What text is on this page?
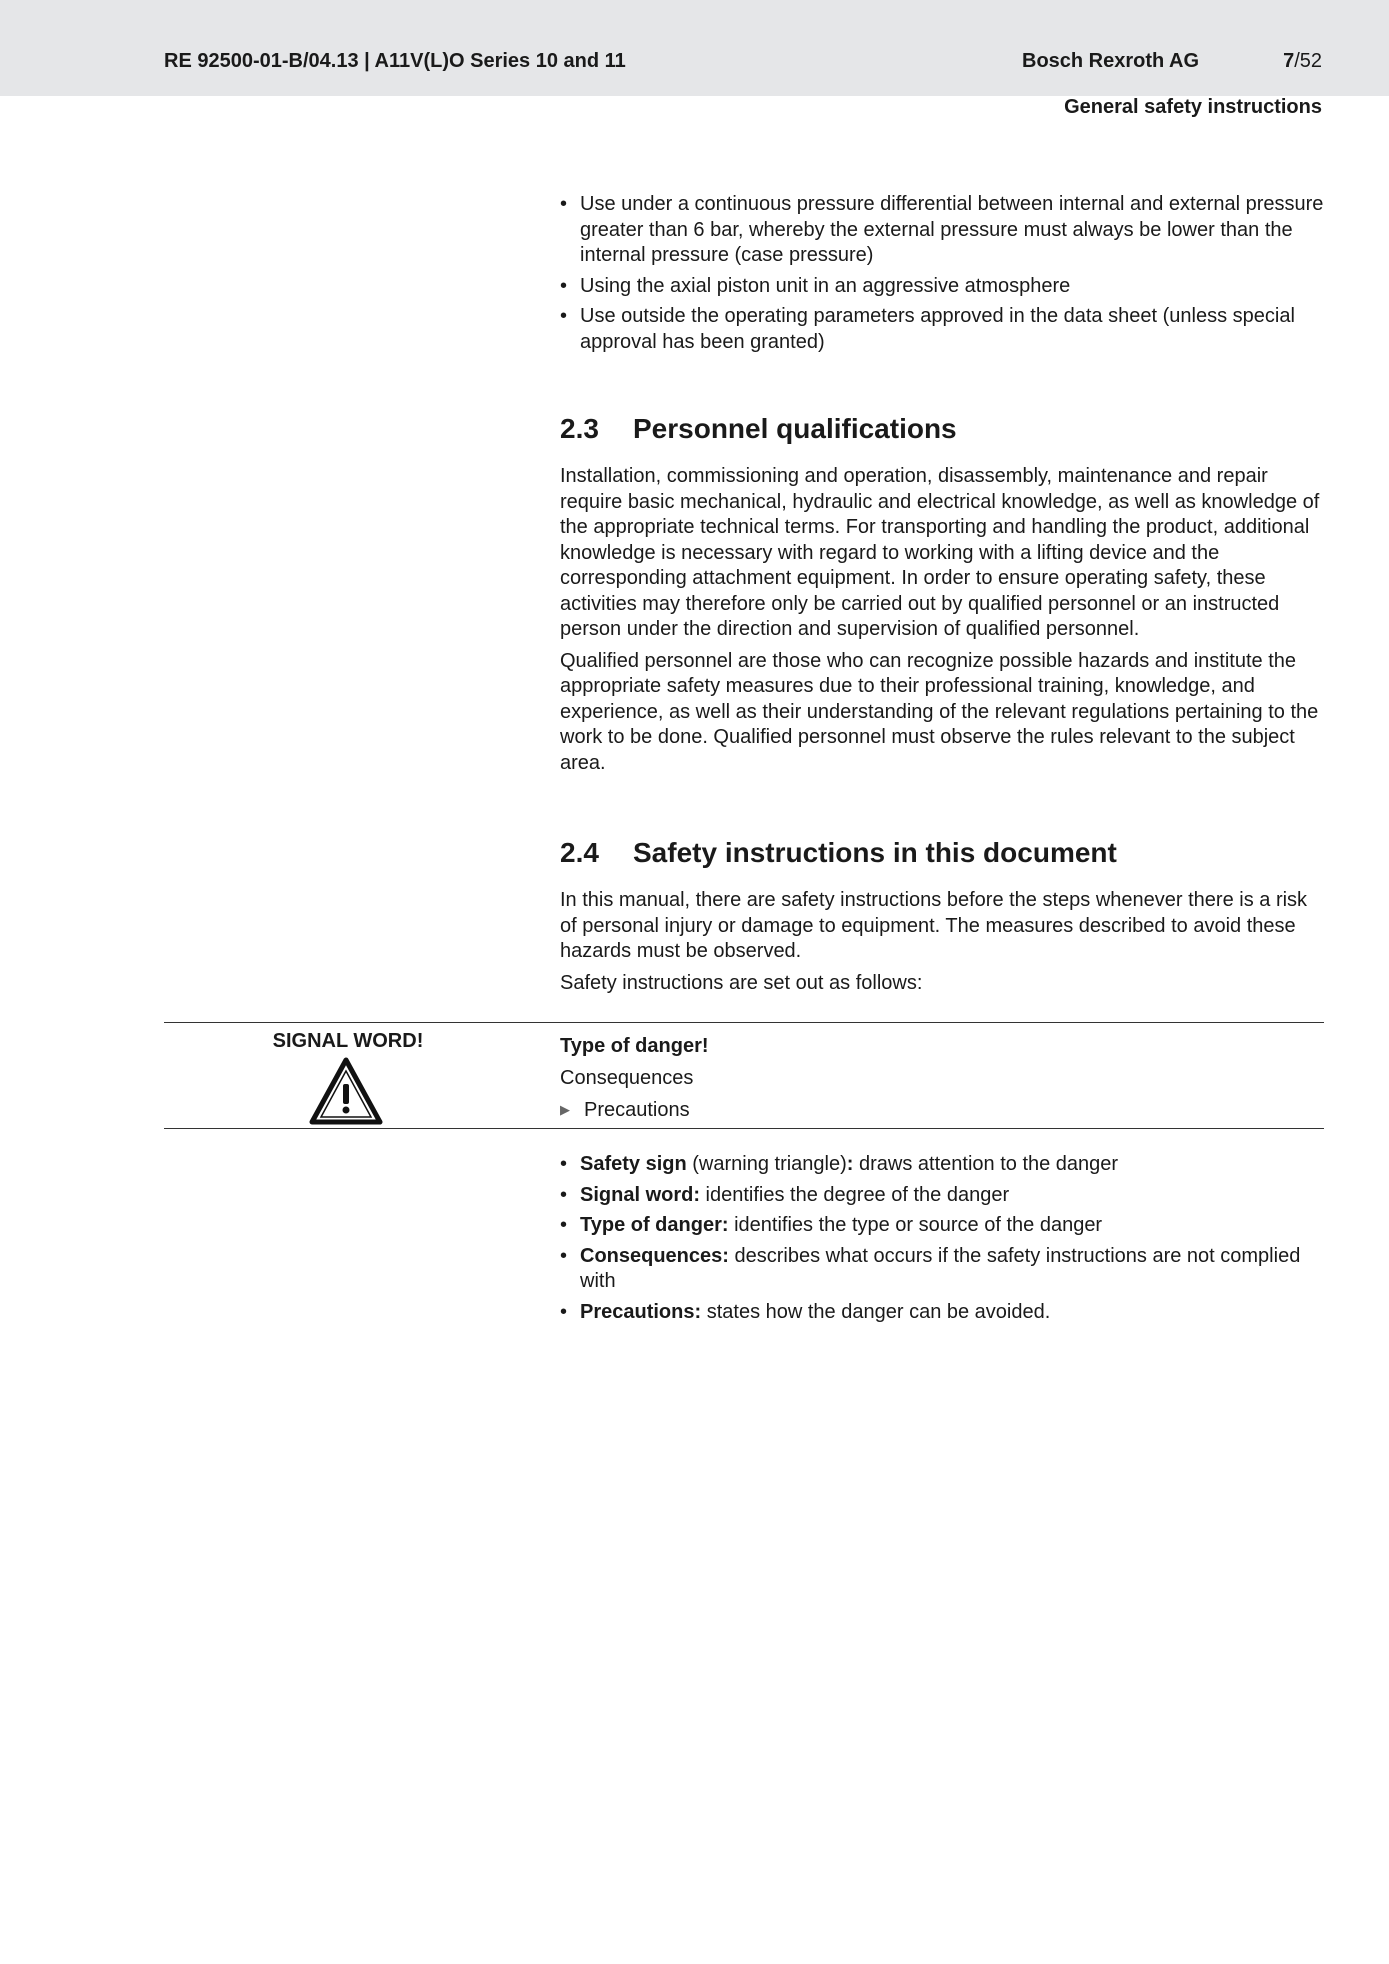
RE 92500-01-B/04.13 | A11V(L)O Series 10 and 11	Bosch Rexroth AG	7/52
General safety instructions
• Use under a continuous pressure differential between internal and external pressure greater than 6 bar, whereby the external pressure must always be lower than the internal pressure (case pressure)
• Using the axial piston unit in an aggressive atmosphere
• Use outside the operating parameters approved in the data sheet (unless special approval has been granted)
2.3 Personnel qualifications

Installation, commissioning and operation, disassembly, maintenance and repair require basic mechanical, hydraulic and electrical knowledge, as well as knowledge of the appropriate technical terms. For transporting and handling the product, additional knowledge is necessary with regard to working with a lifting device and the corresponding attachment equipment. In order to ensure operating safety, these activities may therefore only be carried out by qualified personnel or an instructed person under the direction and supervision of qualified personnel.

Qualified personnel are those who can recognize possible hazards and institute the appropriate safety measures due to their professional training, knowledge, and experience, as well as their understanding of the relevant regulations pertaining to the work to be done. Qualified personnel must observe the rules relevant to the subject area.

2.4 Safety instructions in this document

In this manual, there are safety instructions before the steps whenever there is a risk of personal injury or damage to equipment. The measures described to avoid these hazards must be observed.

Safety instructions are set out as follows:

SIGNAL WORD!	Type of danger!
Consequences
▶ Precautions
• Safety sign (warning triangle): draws attention to the danger
• Signal word: identifies the degree of the danger
• Type of danger: identifies the type or source of the danger
• Consequences: describes what occurs if the safety instructions are not complied with
• Precautions: states how the danger can be avoided.
